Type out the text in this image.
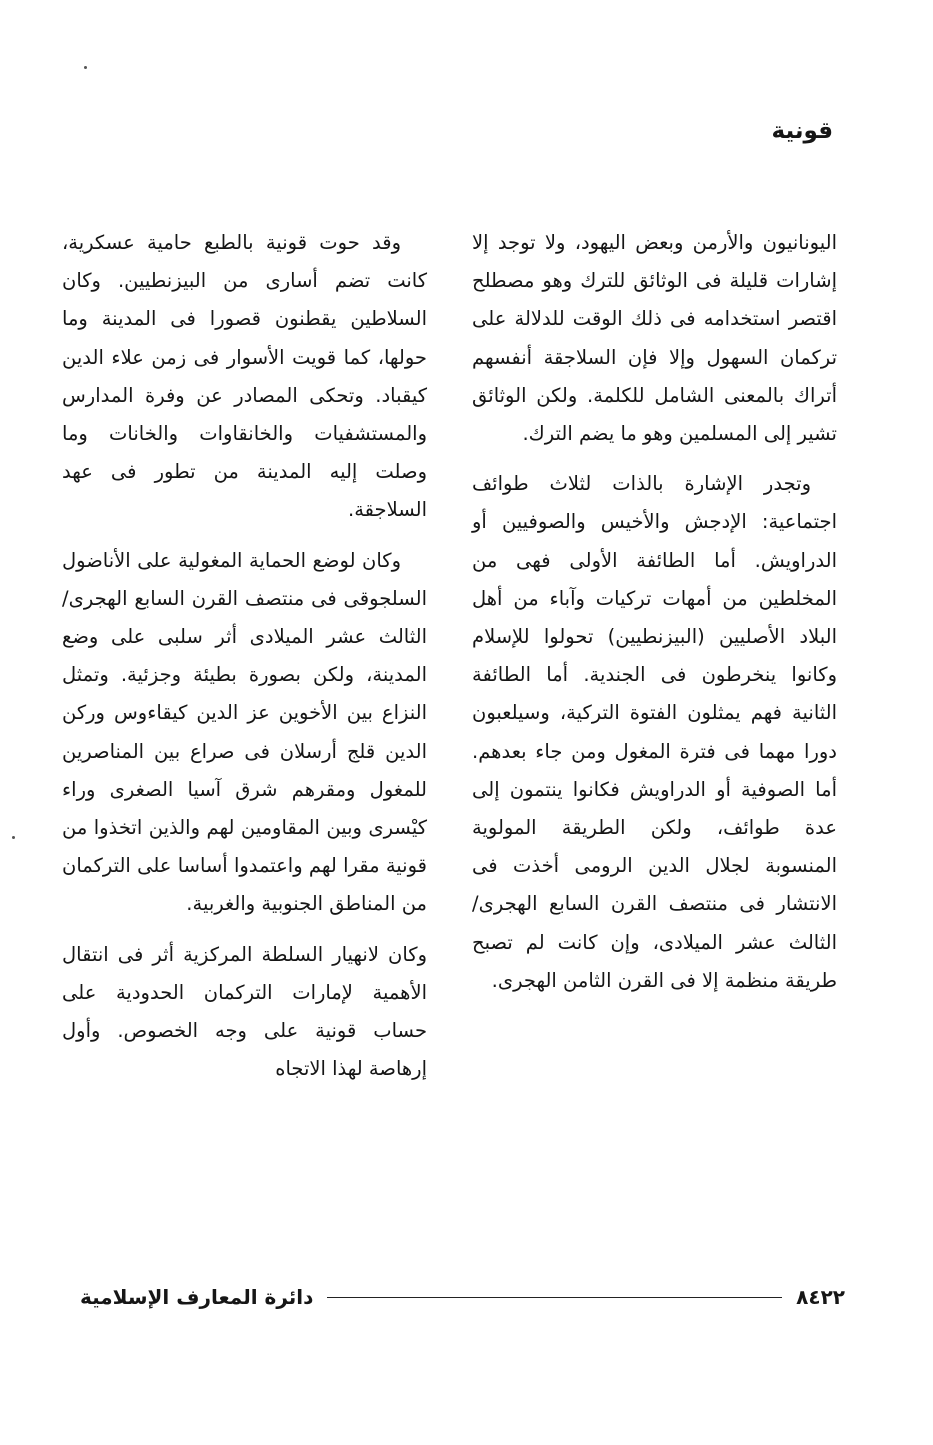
قونية

اليونانيون والأرمن وبعض اليهود، ولا توجد إلا إشارات قليلة فى الوثائق للترك وهو مصطلح اقتصر استخدامه فى ذلك الوقت للدلالة على تركمان السهول وإلا فإن السلاجقة أنفسهم أتراك بالمعنى الشامل للكلمة. ولكن الوثائق تشير إلى المسلمين وهو ما يضم الترك.

وتجدر الإشارة بالذات لثلاث طوائف اجتماعية: الإدجش والأخيس والصوفيين أو الدراويش. أما الطائفة الأولى فهى من المخلطين من أمهات تركيات وآباء من أهل البلاد الأصليين (البيزنطيين) تحولوا للإسلام وكانوا ينخرطون فى الجندية. أما الطائفة الثانية فهم يمثلون الفتوة التركية، وسيلعبون دورا مهما فى فترة المغول ومن جاء بعدهم. أما الصوفية أو الدراويش فكانوا ينتمون إلى عدة طوائف، ولكن الطريقة المولوية المنسوبة لجلال الدين الرومى أخذت فى الانتشار فى منتصف القرن السابع الهجرى/ الثالث عشر الميلادى، وإن كانت لم تصبح طريقة منظمة إلا فى القرن الثامن الهجرى.

وقد حوت قونية بالطبع حامية عسكرية، كانت تضم أسارى من البيزنطيين. وكان السلاطين يقطنون قصورا فى المدينة وما حولها، كما قويت الأسوار فى زمن علاء الدين كيقباد. وتحكى المصادر عن وفرة المدارس والمستشفيات والخانقاوات والخانات وما وصلت إليه المدينة من تطور فى عهد السلاجقة.

وكان لوضع الحماية المغولية على الأناضول السلجوقى فى منتصف القرن السابع الهجرى/ الثالث عشر الميلادى أثر سلبى على وضع المدينة، ولكن بصورة بطيئة وجزئية. وتمثل النزاع بين الأخوين عز الدين كيقاءوس وركن الدين قلج أرسلان فى صراع بين المناصرين للمغول ومقرهم شرق آسيا الصغرى وراء كيْسرى وبين المقاومين لهم والذين اتخذوا من قونية مقرا لهم واعتمدوا أساسا على التركمان من المناطق الجنوبية والغربية.

وكان لانهيار السلطة المركزية أثر فى انتقال الأهمية لإمارات التركمان الحدودية على حساب قونية على وجه الخصوص. وأول إرهاصة لهذا الاتجاه

٨٤٢٢
دائرة المعارف الإسلامية
